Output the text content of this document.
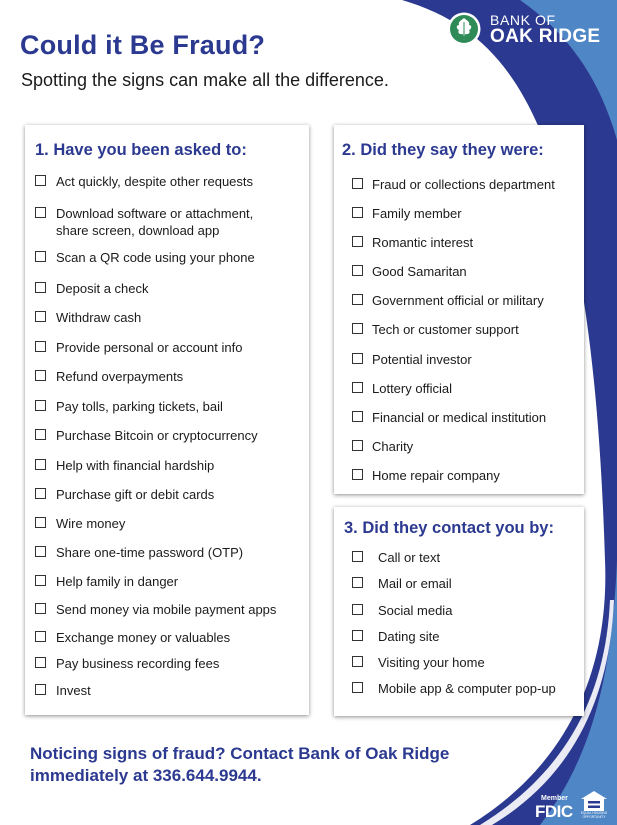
Could it Be Fraud?

Spotting the signs can make all the difference.

BANK OF
OAK RIDGE
1. Have you been asked to:
Act quickly, despite other requests
Download software or attachment,
share screen, download app
Scan a QR code using your phone
Deposit a check
Withdraw cash
Provide personal or account info
Refund overpayments
Pay tolls, parking tickets, bail
Purchase Bitcoin or cryptocurrency
Help with financial hardship
Purchase gift or debit cards
Wire money
Share one-time password (OTP)
Help family in danger
Send money via mobile payment apps
Exchange money or valuables
Pay business recording fees
Invest
2. Did they say they were:
Fraud or collections department
Family member
Romantic interest
Good Samaritan
Government official or military
Tech or customer support
Potential investor
Lottery official
Financial or medical institution
Charity
Home repair company
3. Did they contact you by:
Call or text
Mail or email
Social media
Dating site
Visiting your home
Mobile app & computer pop-up

Noticing signs of fraud? Contact Bank of Oak Ridge
immediately at 336.644.9944.

Member
FDIC	EQUAL HOUSING OPPORTUNITY
